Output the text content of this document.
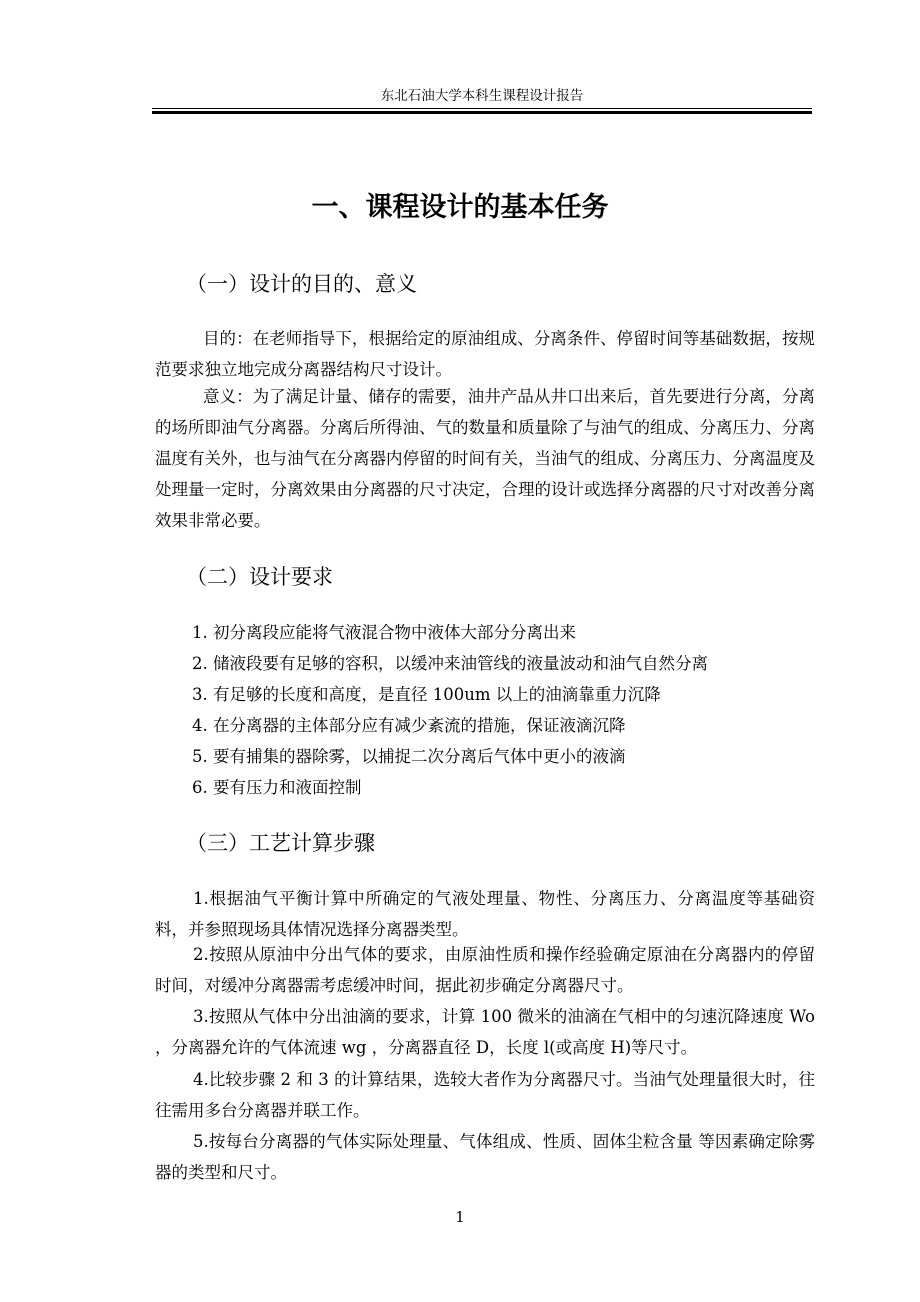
东北石油大学本科生课程设计报告
一、课程设计的基本任务
（一）设计的目的、意义
目的：在老师指导下，根据给定的原油组成、分离条件、停留时间等基础数据，按规范要求独立地完成分离器结构尺寸设计。
意义：为了满足计量、储存的需要，油井产品从井口出来后，首先要进行分离，分离的场所即油气分离器。分离后所得油、气的数量和质量除了与油气的组成、分离压力、分离温度有关外，也与油气在分离器内停留的时间有关，当油气的组成、分离压力、分离温度及处理量一定时，分离效果由分离器的尺寸决定，合理的设计或选择分离器的尺寸对改善分离效果非常必要。
（二）设计要求
1. 初分离段应能将气液混合物中液体大部分分离出来
2. 储液段要有足够的容积，以缓冲来油管线的液量波动和油气自然分离
3. 有足够的长度和高度，是直径 100um 以上的油滴靠重力沉降
4. 在分离器的主体部分应有减少紊流的措施，保证液滴沉降
5. 要有捕集的器除雾，以捕捉二次分离后气体中更小的液滴
6. 要有压力和液面控制
（三）工艺计算步骤
1.根据油气平衡计算中所确定的气液处理量、物性、分离压力、分离温度等基础资料，并参照现场具体情况选择分离器类型。
2.按照从原油中分出气体的要求，由原油性质和操作经验确定原油在分离器内的停留时间，对缓冲分离器需考虑缓冲时间，据此初步确定分离器尺寸。
3.按照从气体中分出油滴的要求，计算 100 微米的油滴在气相中的匀速沉降速度 Wo ，分离器允许的气体流速 wg ，分离器直径 D，长度 l(或高度 H)等尺寸。
4.比较步骤 2 和 3 的计算结果，选较大者作为分离器尺寸。当油气处理量很大时，往往需用多台分离器并联工作。
5.按每台分离器的气体实际处理量、气体组成、性质、固体尘粒含量 等因素确定除雾器的类型和尺寸。
1
